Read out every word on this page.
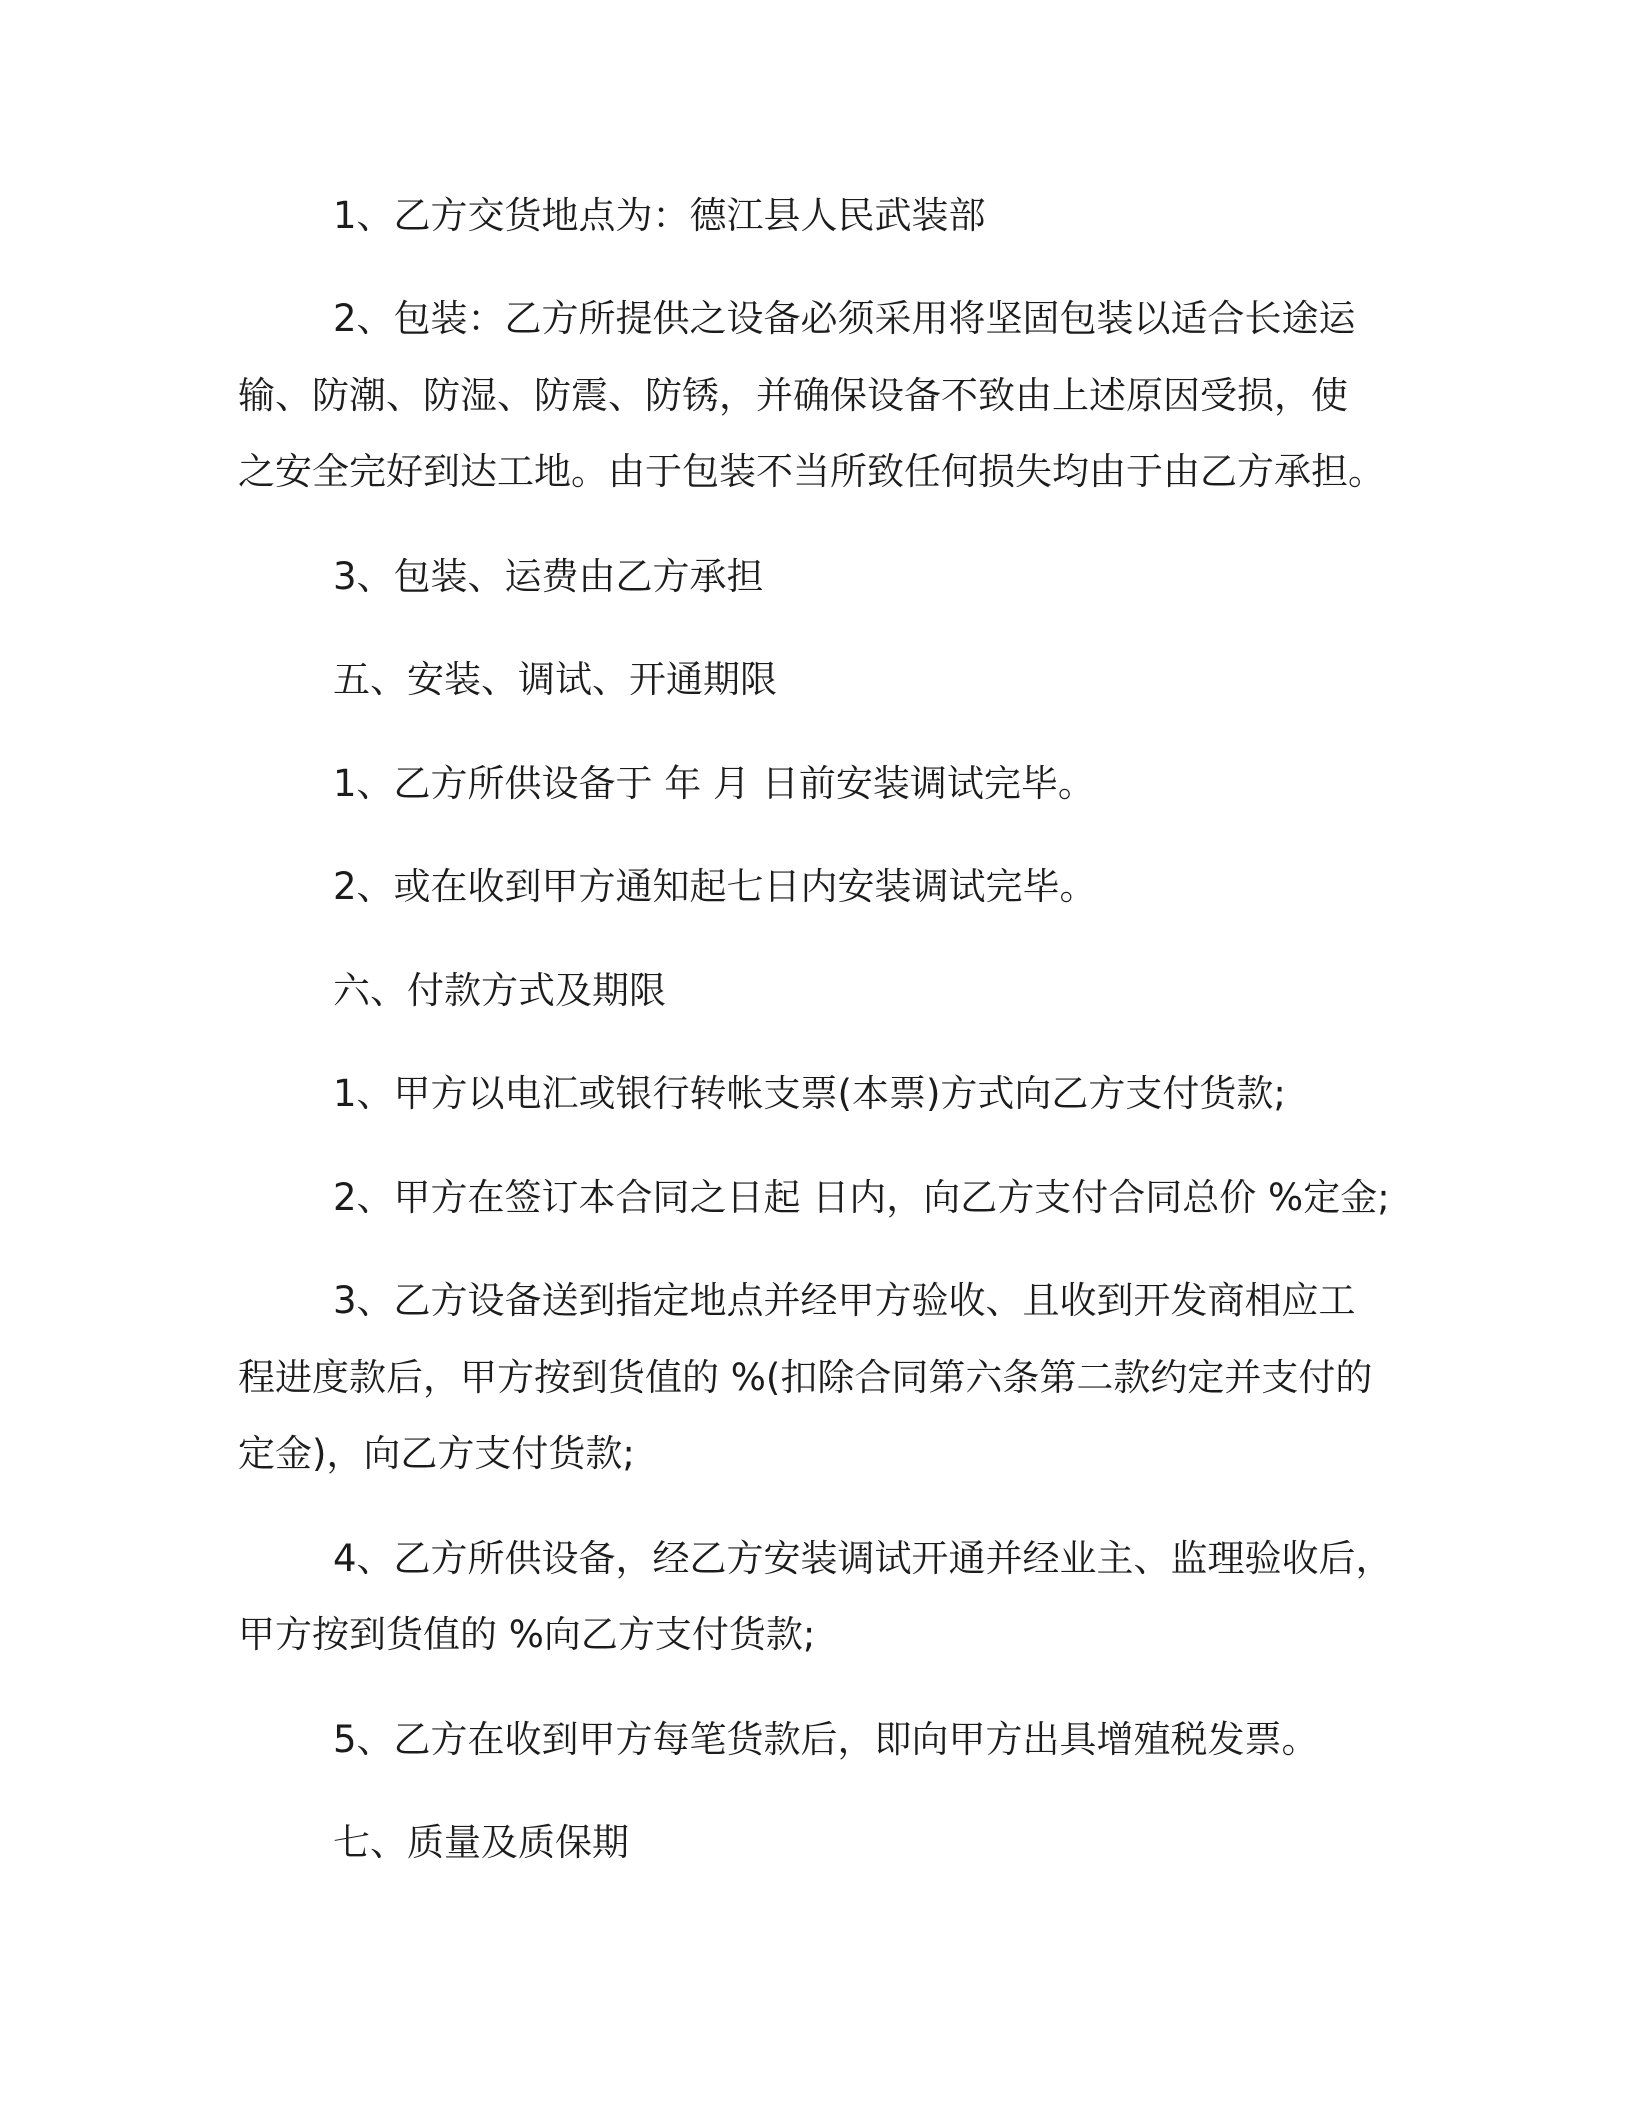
1、乙方交货地点为：德江县人民武装部
2、包装：乙方所提供之设备必须采用将坚固包装以适合长途运
输、防潮、防湿、防震、防锈，并确保设备不致由上述原因受损，使
之安全完好到达工地。由于包装不当所致任何损失均由于由乙方承担。
3、包装、运费由乙方承担
五、安装、调试、开通期限
1、乙方所供设备于 年 月 日前安装调试完毕。
2、或在收到甲方通知起七日内安装调试完毕。
六、付款方式及期限
1、甲方以电汇或银行转帐支票(本票)方式向乙方支付货款;
2、甲方在签订本合同之日起 日内，向乙方支付合同总价 %定金;
3、乙方设备送到指定地点并经甲方验收、且收到开发商相应工
程进度款后，甲方按到货值的 %(扣除合同第六条第二款约定并支付的
定金)，向乙方支付货款;
4、乙方所供设备，经乙方安装调试开通并经业主、监理验收后，
甲方按到货值的 %向乙方支付货款;
5、乙方在收到甲方每笔货款后，即向甲方出具增殖税发票。
七、质量及质保期
